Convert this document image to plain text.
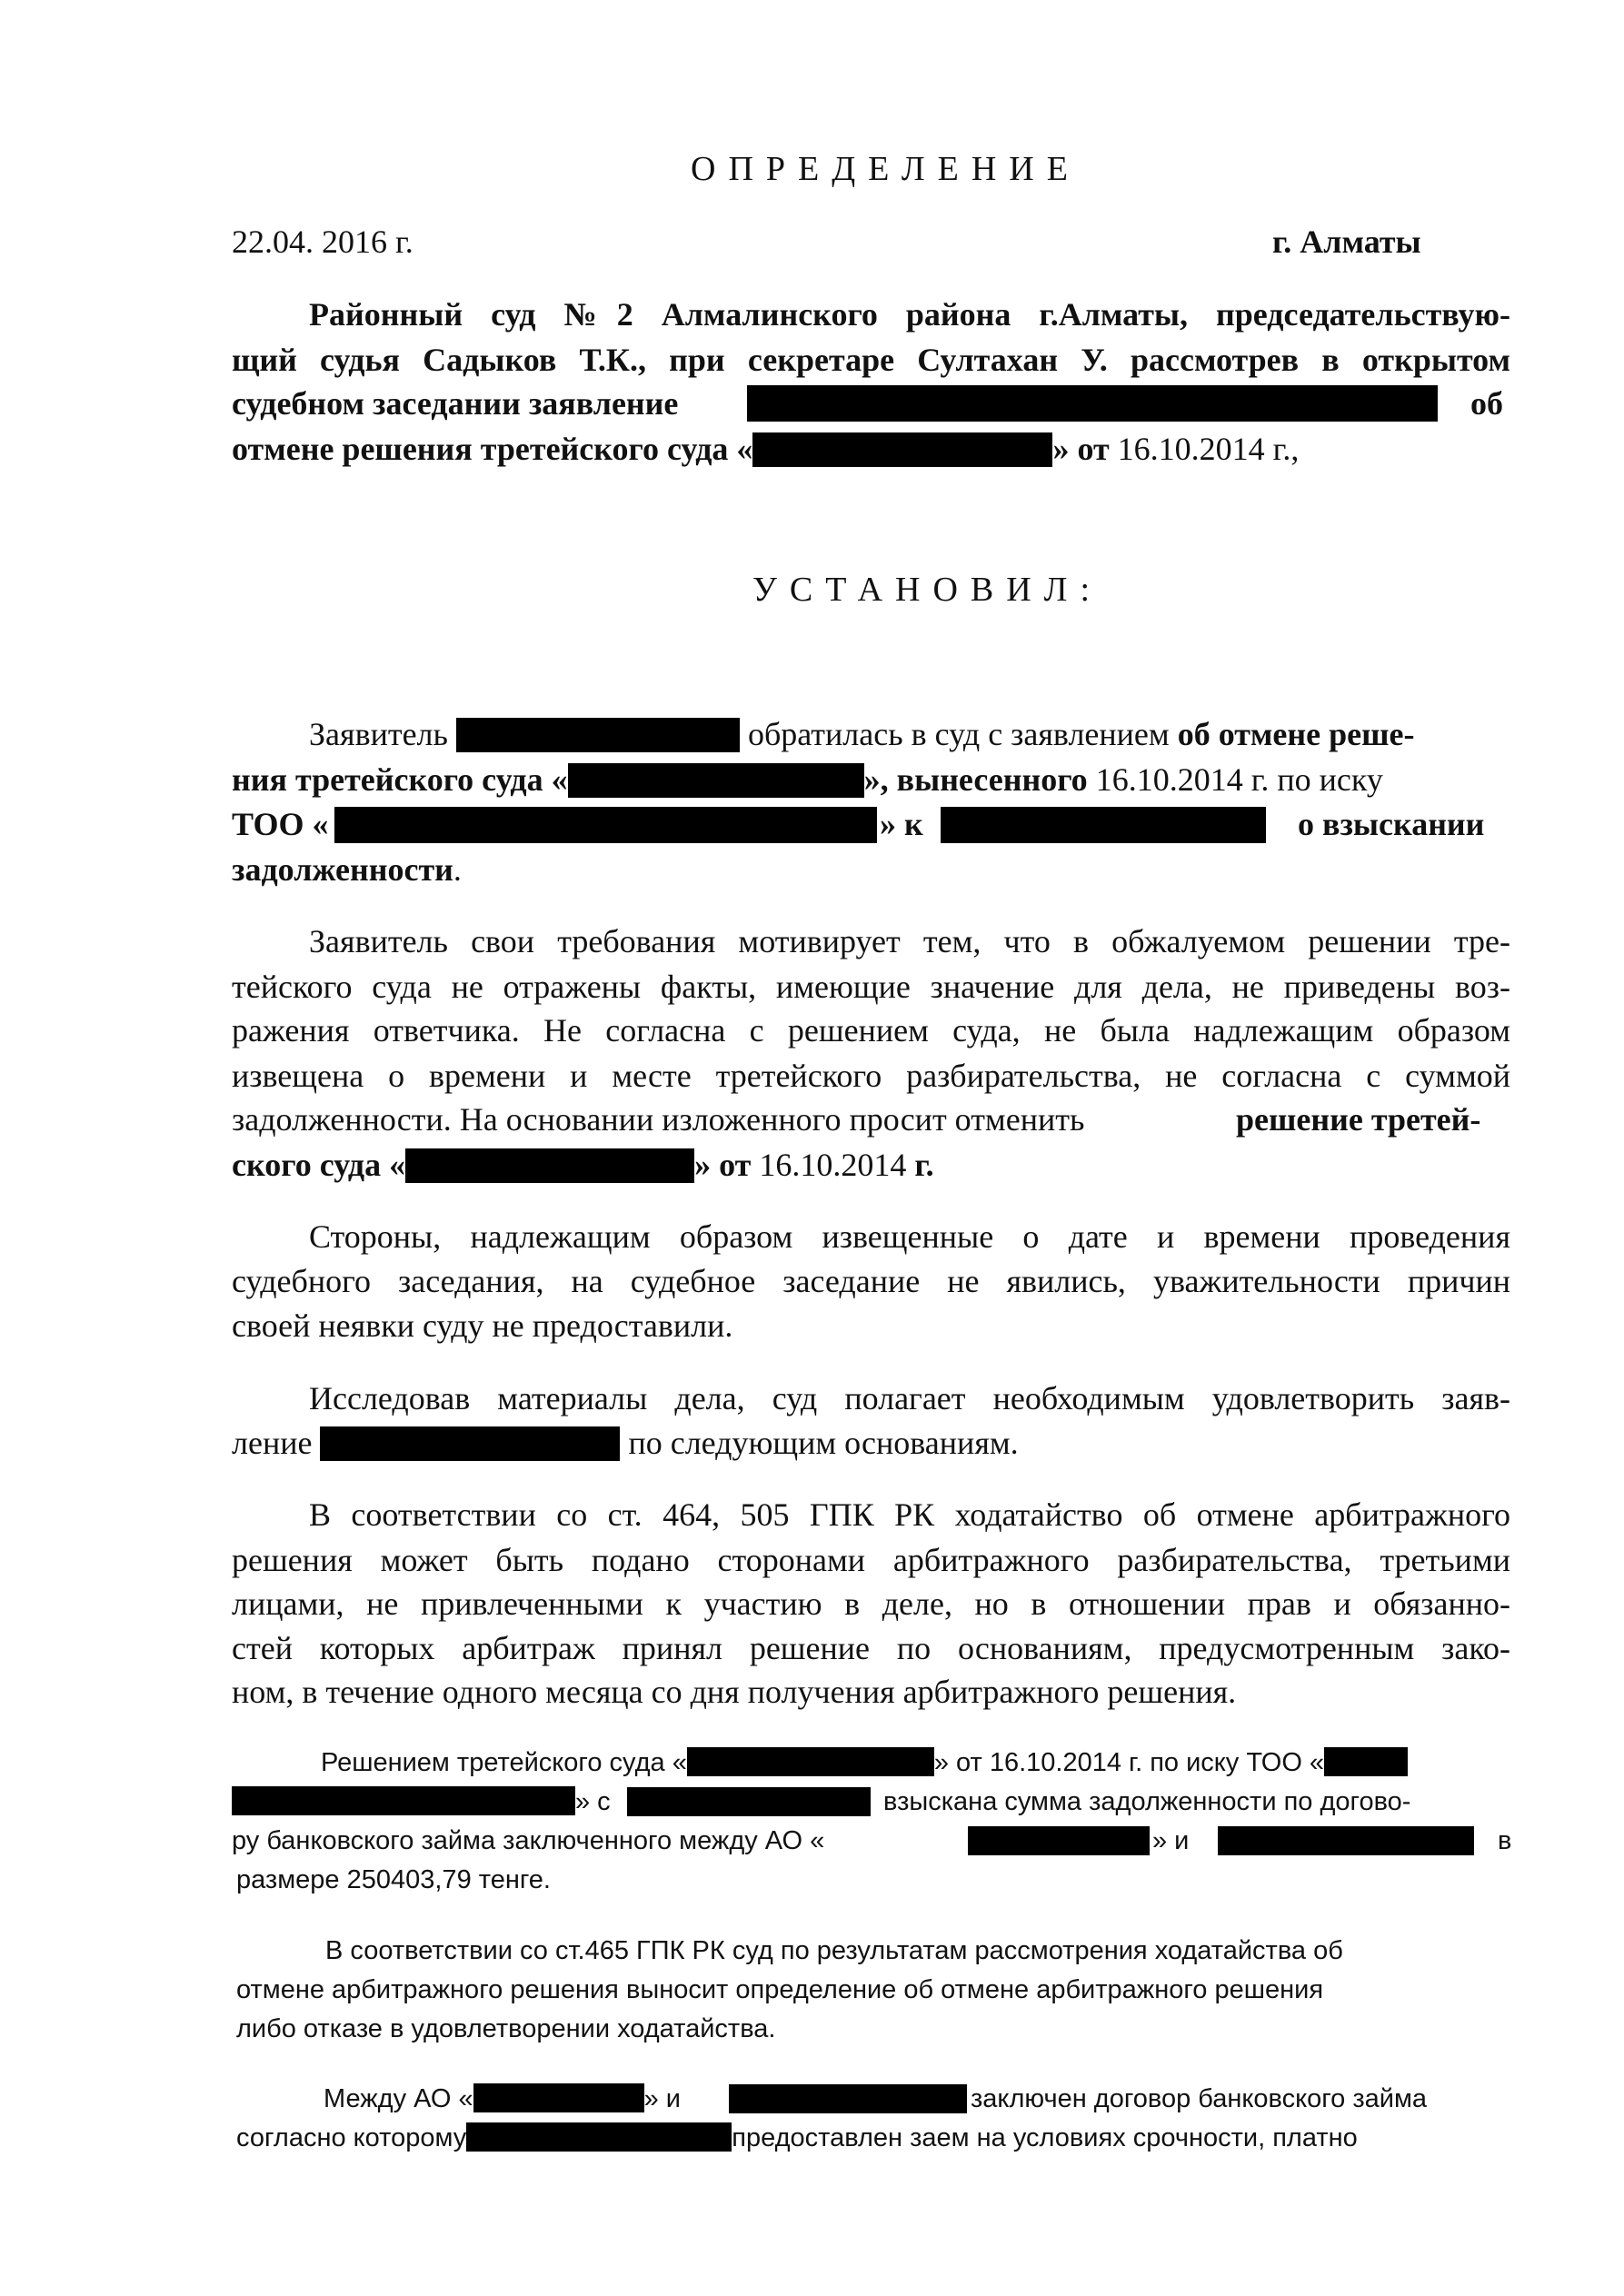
ОПРЕДЕЛЕНИЕ
22.04. 2016 г.	г. Алматы
Районный суд №2 Алмалинского района г.Алматы, председательствую-
щий судья Садыков Т.К., при секретаре Султахан У. рассмотрев в открытом
судебном заседании заявление	об
отмене решения третейского суда «	» от 16.10.2014 г.,
УСТАНОВИЛ:
Заявитель	обратилась в суд с заявлением об отмене реше-
ния третейского суда «	», вынесенного 16.10.2014 г. по иску
ТОО «	» к	о взыскании
задолженности.
Заявитель свои требования мотивирует тем, что в обжалуемом решении тре-
тейского суда не отражены факты, имеющие значение для дела, не приведены воз-
ражения ответчика. Не согласна с решением суда, не была надлежащим образом
извещена о времени и месте третейского разбирательства, не согласна с суммой
задолженности. На основании изложенного просит отменить	решение третей-
ского суда «	» от 16.10.2014 г.
Стороны, надлежащим образом извещенные о дате и времени проведения
судебного заседания, на судебное заседание не явились, уважительности причин
своей неявки суду не предоставили.
Исследовав материалы дела, суд полагает необходимым удовлетворить заяв-
ление	по следующим основаниям.
В соответствии со ст. 464, 505 ГПК РК ходатайство об отмене арбитражного
решения может быть подано сторонами арбитражного разбирательства, третьими
лицами, не привлеченными к участию в деле, но в отношении прав и обязанно-
стей которых арбитраж принял решение по основаниям, предусмотренным зако-
ном, в течение одного месяца со дня получения арбитражного решения.
Решением третейского суда «	» от 16.10.2014 г. по иску ТОО «
» с	взыскана сумма задолженности по догово-
ру банковского займа заключенного между АО «	» и	в
размере 250403,79 тенге.
В соответствии со ст.465 ГПК РК суд по результатам рассмотрения ходатайства об
отмене арбитражного решения выносит определение об отмене арбитражного решения
либо отказе в удовлетворении ходатайства.
Между АО «	» и	заключен договор банковского займа
согласно которому	предоставлен заем на условиях срочности, платно
